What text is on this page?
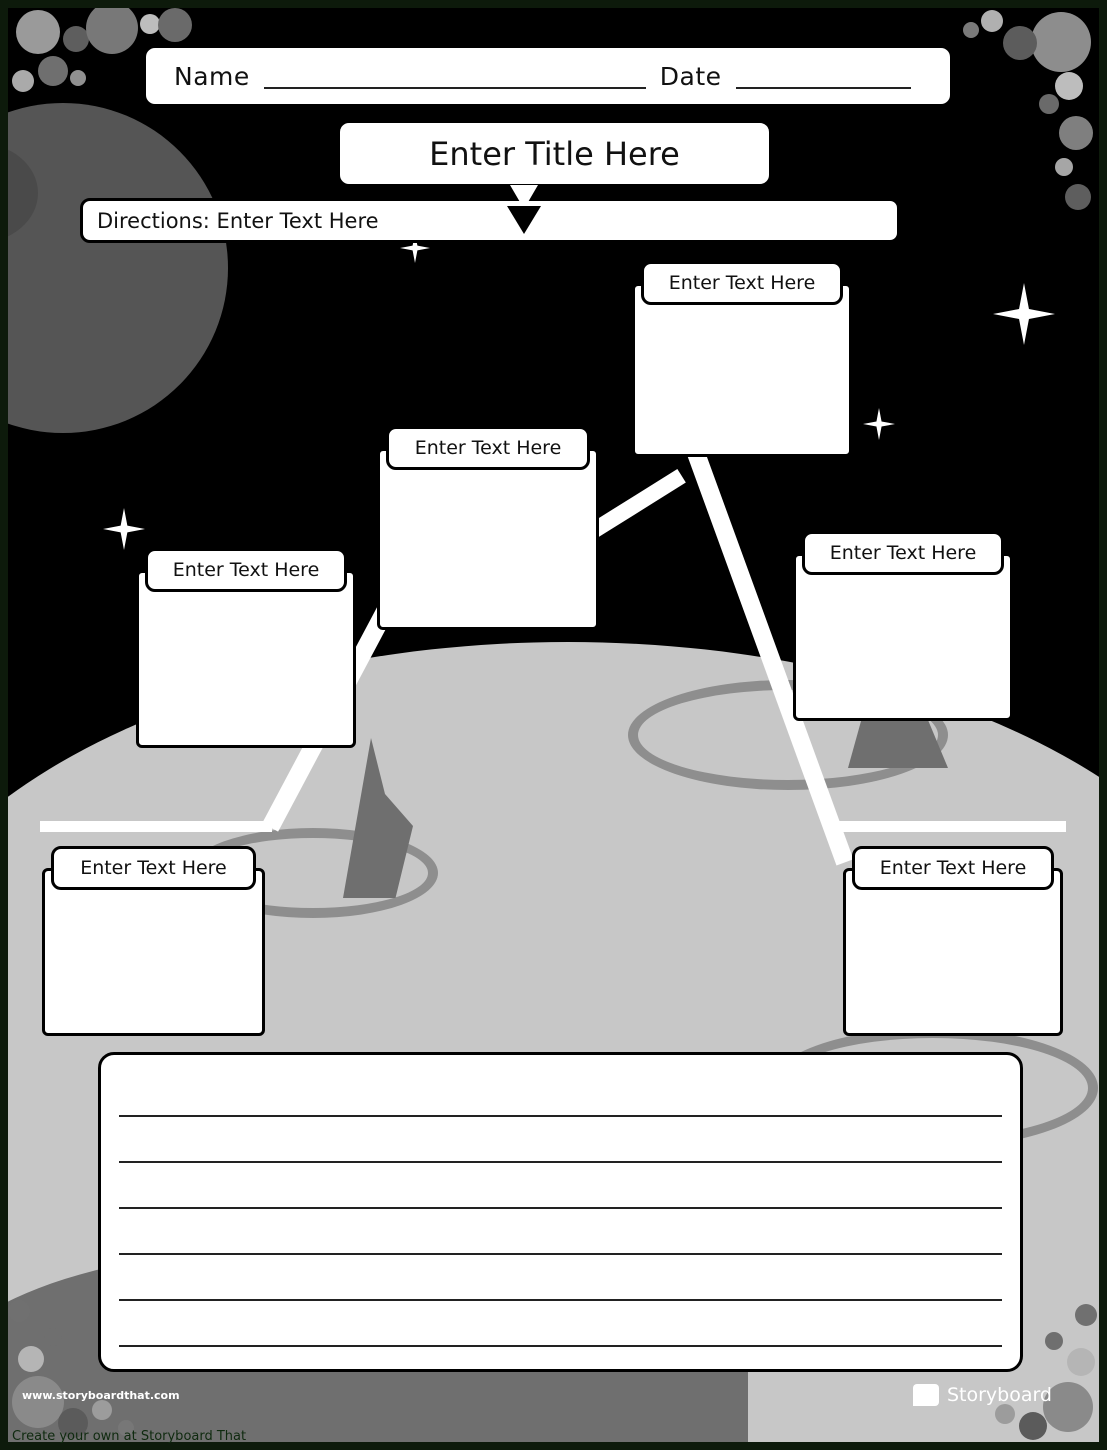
Name	Date
Enter Title Here
Directions: Enter Text Here
Enter Text Here
Enter Text Here
Enter Text Here
Enter Text Here
Enter Text Here	Enter Text Here
www.storyboardthat.com	Storyboard
Create your own at Storyboard That
